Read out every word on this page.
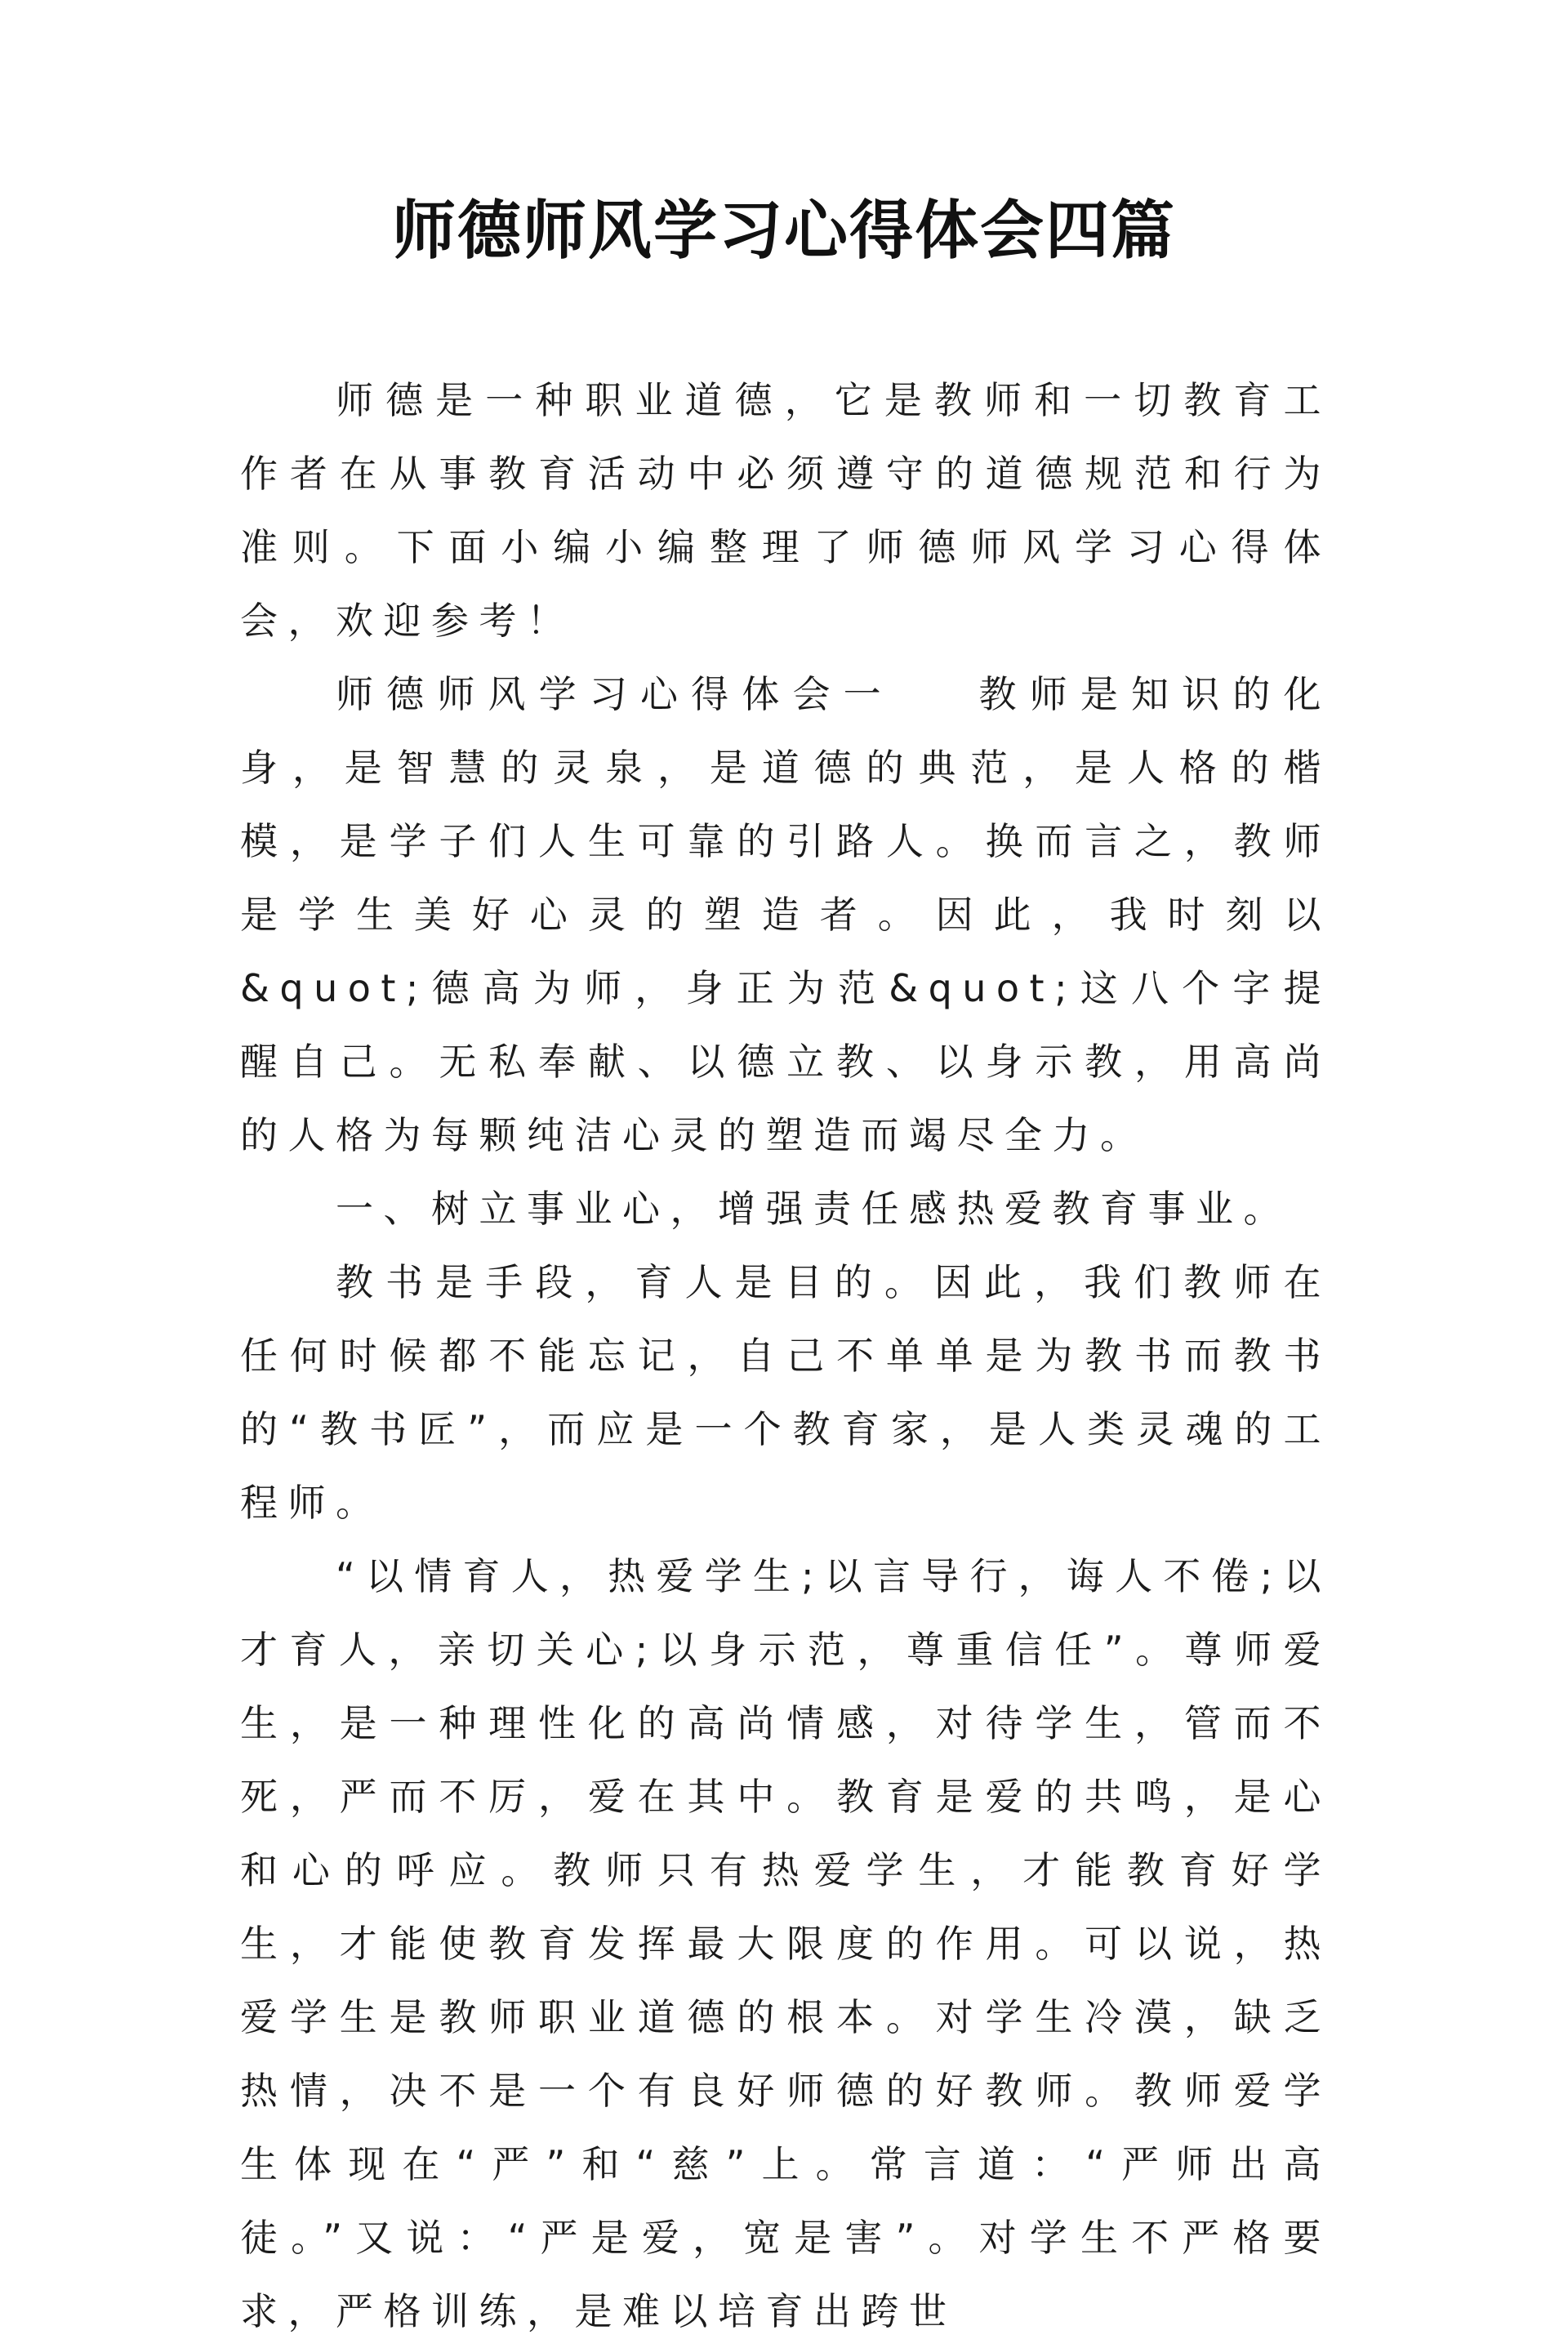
师德师风学习心得体会四篇

师德是一种职业道德，它是教师和一切教育工作者在从事教育活动中必须遵守的道德规范和行为准则。下面小编小编整理了师德师风学习心得体会，欢迎参考！

师德师风学习心得体会一 教师是知识的化身，是智慧的灵泉，是道德的典范，是人格的楷模，是学子们人生可靠的引路人。换而言之，教师是学生美好心灵的塑造者。因此，我时刻以&quot;德高为师，身正为范&quot;这八个字提醒自己。无私奉献、以德立教、以身示教，用高尚的人格为每颗纯洁心灵的塑造而竭尽全力。

一、树立事业心，增强责任感热爱教育事业。

教书是手段，育人是目的。因此，我们教师在任何时候都不能忘记，自己不单单是为教书而教书的“教书匠”，而应是一个教育家，是人类灵魂的工程师。

“以情育人，热爱学生;以言导行，诲人不倦;以才育人，亲切关心;以身示范，尊重信任”。尊师爱生，是一种理性化的高尚情感，对待学生，管而不死，严而不厉，爱在其中。教育是爱的共鸣，是心和心的呼应。教师只有热爱学生，才能教育好学生，才能使教育发挥最大限度的作用。可以说，热爱学生是教师职业道德的根本。对学生冷漠，缺乏热情，决不是一个有良好师德的好教师。教师爱学生体现在“严”和“慈”上。常言道：“严师出高徒。”又说：“严是爱，宽是害”。对学生不严格要求，严格训练，是难以培育出跨世
